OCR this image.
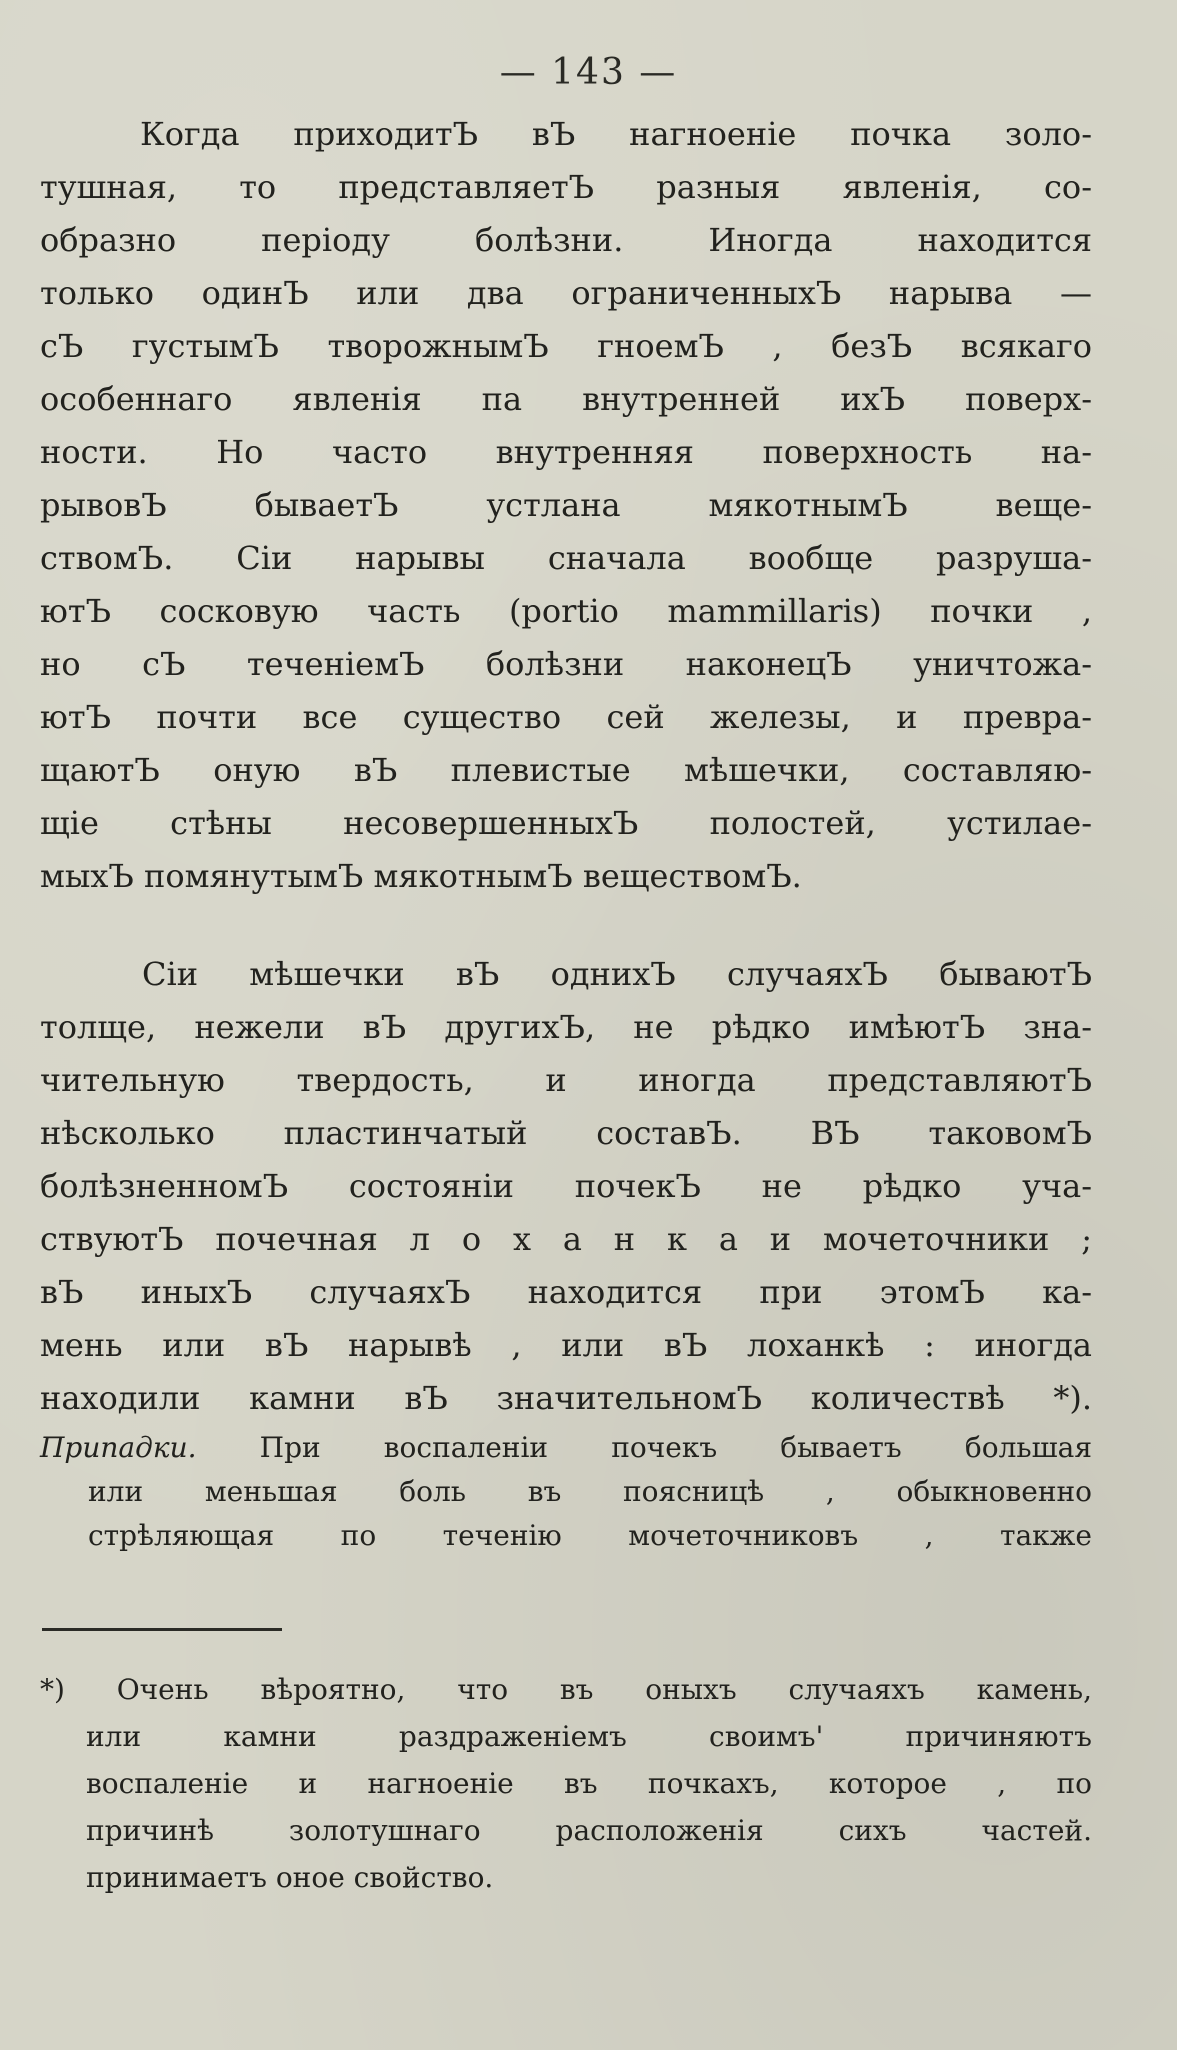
— 143 —
Когда приходитЪ вЪ нагноеніе почка золо-
тушная, то представляетЪ разныя явленія, со-
образно періоду болѣзни. Иногда находится
только одинЪ или два ограниченныхЪ нарыва —
сЪ густымЪ творожнымЪ гноемЪ , безЪ всякаго
особеннаго явленія па внутренней ихЪ поверх-
ности. Но часто внутренняя поверхность на-
рывовЪ бываетЪ устлана мякотнымЪ веще-
ствомЪ. Сіи нарывы сначала вообще разруша-
ютЪ сосковую часть (portio mammillaris) почки ,
но сЪ теченіемЪ болѣзни наконецЪ уничтожа-
ютЪ почти все существо сей железы, и превра-
щаютЪ оную вЪ плевистые мѣшечки, составляю-
щіе стѣны несовершенныхЪ полостей, устилае-
мыхЪ помянутымЪ мякотнымЪ веществомЪ.
Сіи мѣшечки вЪ однихЪ случаяхЪ бываютЪ
толще, нежели вЪ другихЪ, не рѣдко имѣютЪ зна-
чительную твердость, и иногда представляютЪ
нѣсколько пластинчатый составЪ. ВЪ таковомЪ
болѣзненномЪ состояніи почекЪ не рѣдко уча-
ствуютЪ почечная л о х а н к а и мочеточники ;
вЪ иныхЪ случаяхЪ находится при этомЪ ка-
мень или вЪ нарывѣ , или вЪ лоханкѣ : иногда
находили камни вЪ значительномЪ количествѣ *).
Припадки. При воспаленіи почекъ бываетъ большая
или меньшая боль въ поясницѣ , обыкновенно
стрѣляющая по теченію мочеточниковъ , также
*) Очень вѣроятно, что въ оныхъ случаяхъ камень,
или камни раздраженіемъ своимъ' причиняютъ
воспаленіе и нагноеніе въ почкахъ, которое , по
причинѣ золотушнаго расположенія сихъ частей.
принимаетъ оное свойство.
